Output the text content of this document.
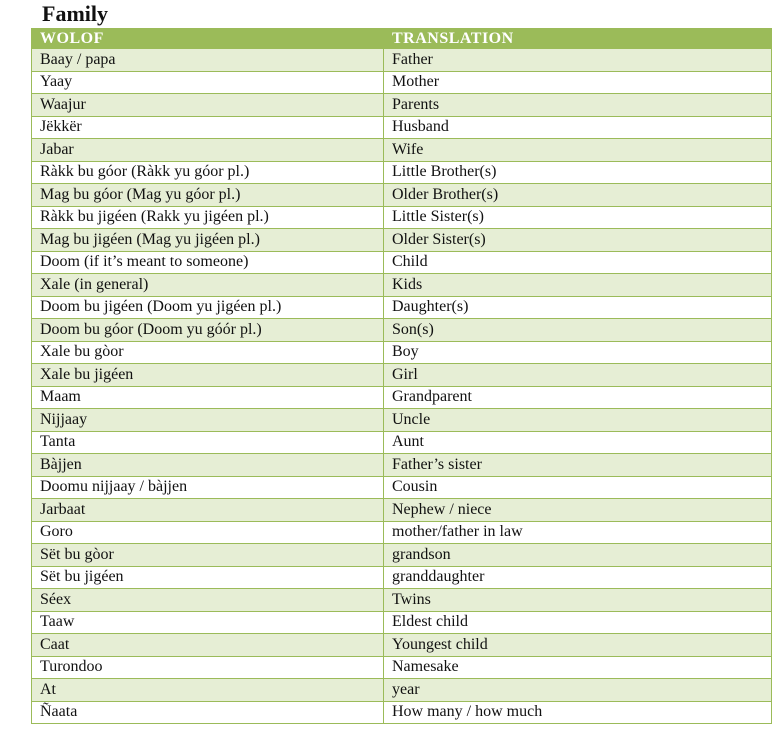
Family
WOLOF	TRANSLATION
Baay / papa	Father
Yaay	Mother
Waajur	Parents
Jëkkër	Husband
Jabar	Wife
Ràkk bu góor (Ràkk yu góor pl.)	Little Brother(s)
Mag bu góor (Mag yu góor pl.)	Older Brother(s)
Ràkk bu jigéen (Rakk yu jigéen pl.)	Little Sister(s)
Mag bu jigéen (Mag yu jigéen pl.)	Older Sister(s)
Doom (if it’s meant to someone)	Child
Xale (in general)	Kids
Doom bu jigéen (Doom yu jigéen pl.)	Daughter(s)
Doom bu góor (Doom yu góór pl.)	Son(s)
Xale bu gòor	Boy
Xale bu jigéen	Girl
Maam	Grandparent
Nijjaay	Uncle
Tanta	Aunt
Bàjjen	Father’s sister
Doomu nijjaay / bàjjen	Cousin
Jarbaat	Nephew / niece
Goro	mother/father in law
Sët bu gòor	grandson
Sët bu jigéen	granddaughter
Séex	Twins
Taaw	Eldest child
Caat	Youngest child
Turondoo	Namesake
At	year
Ñaata	How many / how much
